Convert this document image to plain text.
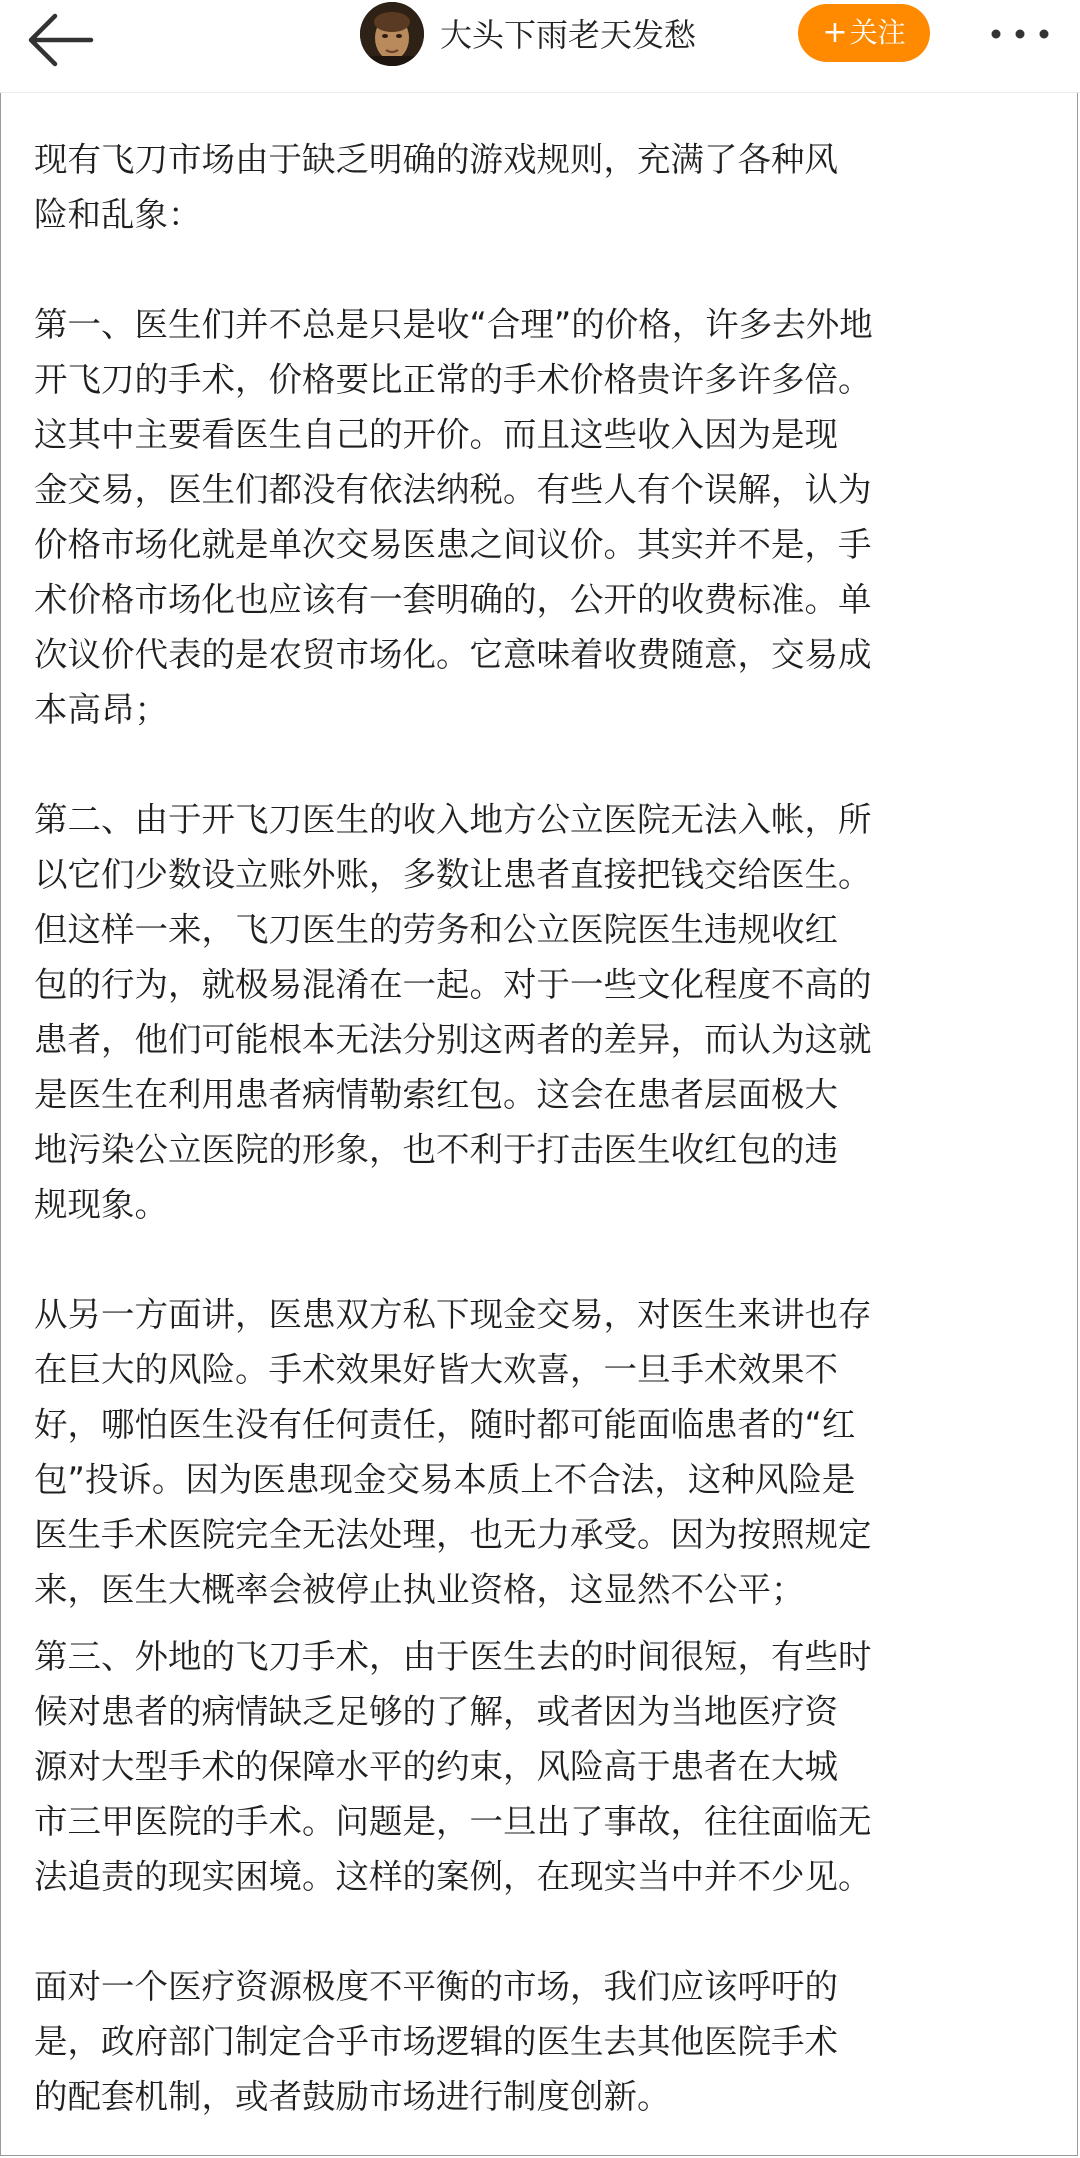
大头下雨老天发愁	+关注

现有飞刀市场由于缺乏明确的游戏规则，充满了各种风
险和乱象：

第一、医生们并不总是只是收“合理”的价格，许多去外地
开飞刀的手术，价格要比正常的手术价格贵许多许多倍。
这其中主要看医生自己的开价。而且这些收入因为是现
金交易，医生们都没有依法纳税。有些人有个误解，认为
价格市场化就是单次交易医患之间议价。其实并不是，手
术价格市场化也应该有一套明确的，公开的收费标准。单
次议价代表的是农贸市场化。它意味着收费随意，交易成
本高昂；

第二、由于开飞刀医生的收入地方公立医院无法入帐，所
以它们少数设立账外账，多数让患者直接把钱交给医生。
但这样一来，飞刀医生的劳务和公立医院医生违规收红
包的行为，就极易混淆在一起。对于一些文化程度不高的
患者，他们可能根本无法分别这两者的差异，而认为这就
是医生在利用患者病情勒索红包。这会在患者层面极大
地污染公立医院的形象，也不利于打击医生收红包的违
规现象。

从另一方面讲，医患双方私下现金交易，对医生来讲也存
在巨大的风险。手术效果好皆大欢喜，一旦手术效果不
好，哪怕医生没有任何责任，随时都可能面临患者的“红
包”投诉。因为医患现金交易本质上不合法，这种风险是
医生手术医院完全无法处理，也无力承受。因为按照规定
来，医生大概率会被停止执业资格，这显然不公平；

第三、外地的飞刀手术，由于医生去的时间很短，有些时
候对患者的病情缺乏足够的了解，或者因为当地医疗资
源对大型手术的保障水平的约束，风险高于患者在大城
市三甲医院的手术。问题是，一旦出了事故，往往面临无
法追责的现实困境。这样的案例，在现实当中并不少见。

面对一个医疗资源极度不平衡的市场，我们应该呼吁的
是，政府部门制定合乎市场逻辑的医生去其他医院手术
的配套机制，或者鼓励市场进行制度创新。
